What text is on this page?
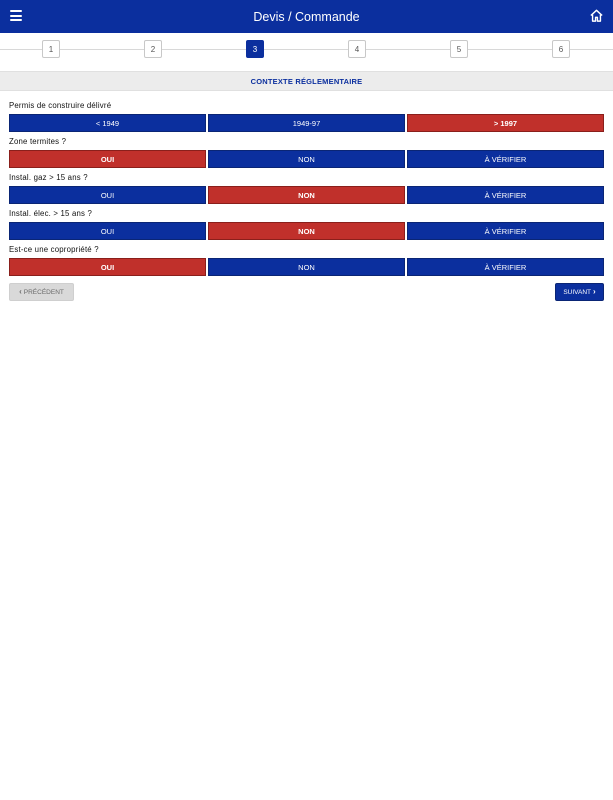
Devis / Commande
1	2	3	4	5	6
CONTEXTE RÉGLEMENTAIRE
Permis de construire délivré
< 1949	1949-97	> 1997
Zone termites ?
OUI	NON	À VÉRIFIER
Instal. gaz > 15 ans ?
OUI	NON	À VÉRIFIER
Instal. élec. > 15 ans ?
OUI	NON	À VÉRIFIER
Est-ce une copropriété ?
OUI	NON	À VÉRIFIER
‹ PRÉCÉDENT	SUIVANT ›
